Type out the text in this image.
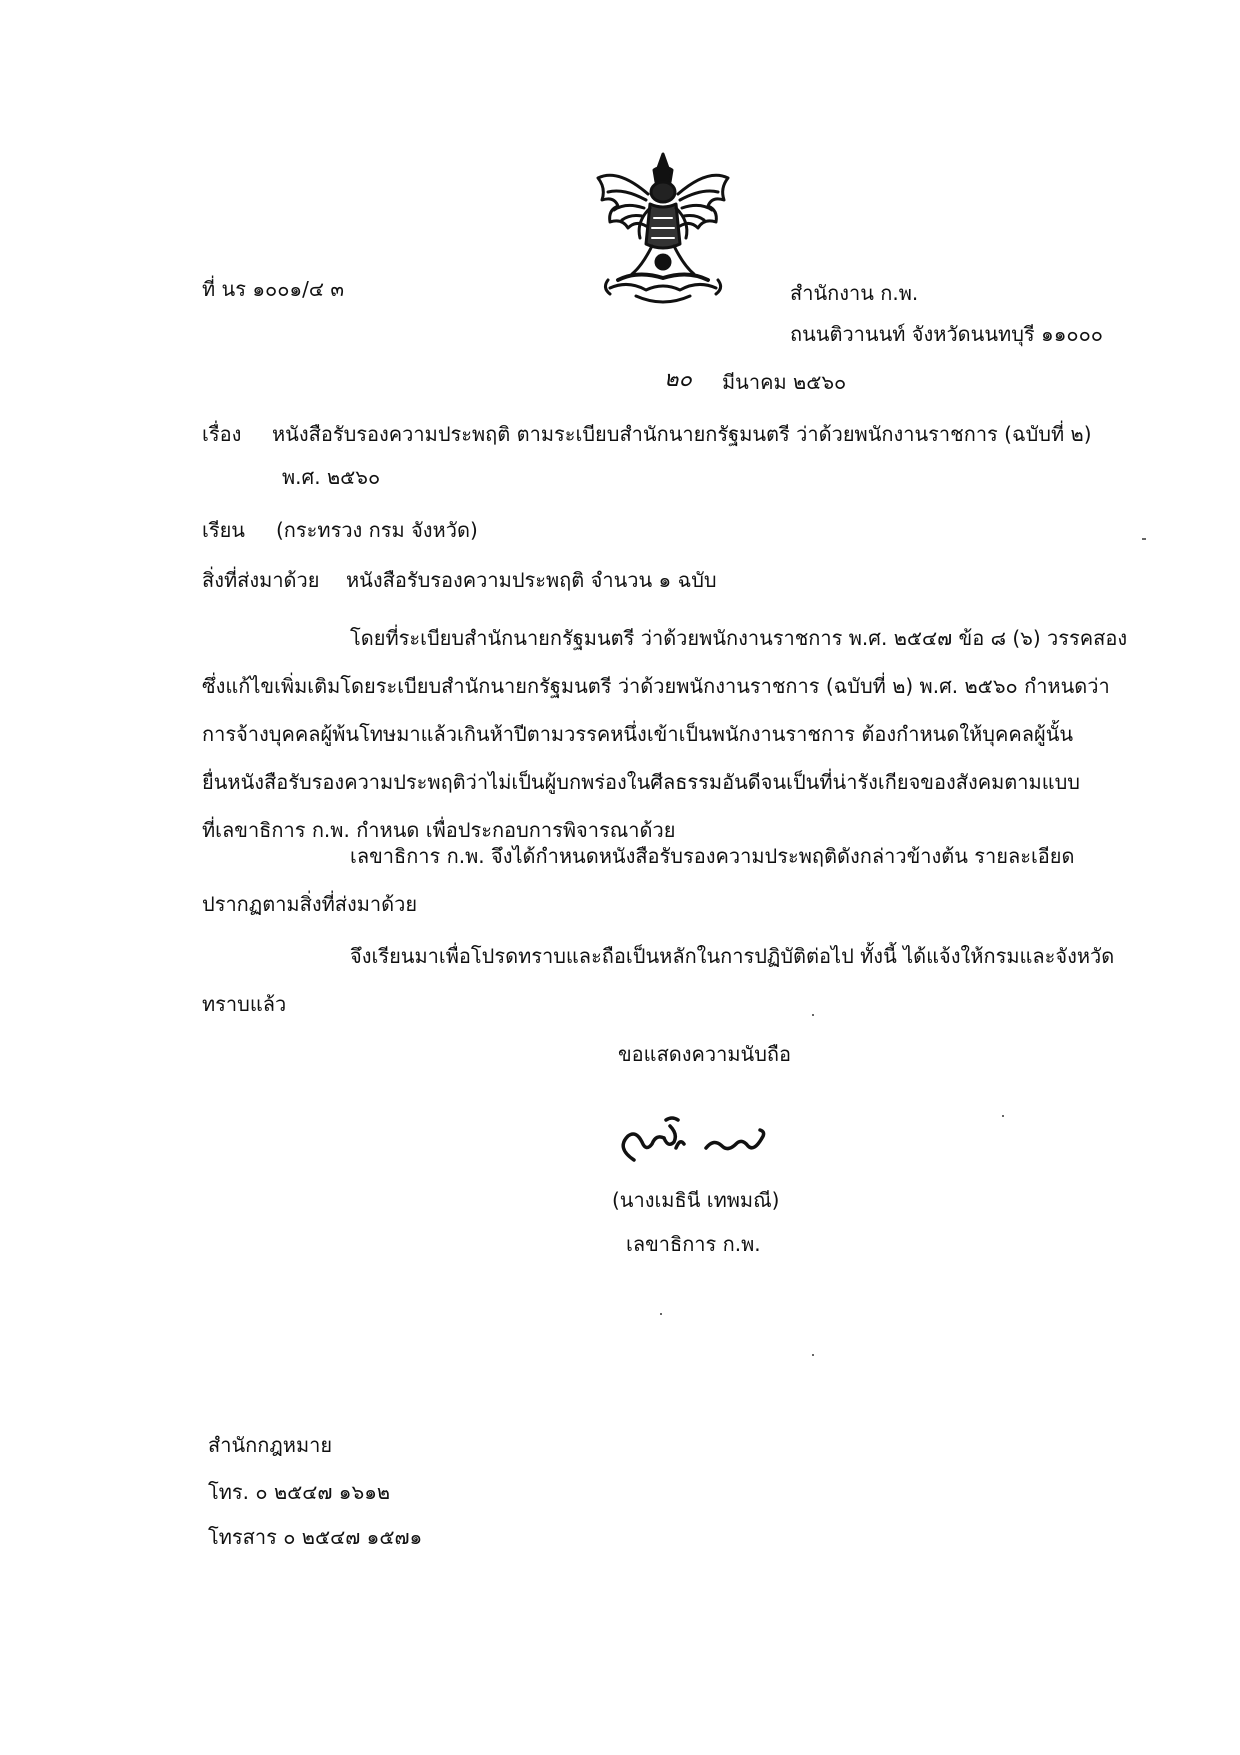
ที่ นร ๑๐๐๑/๔ ๓	สำนักงาน ก.พ.
ถนนติวานนท์ จังหวัดนนทบุรี ๑๑๐๐๐
๒๐ มีนาคม ๒๕๖๐
เรื่อง หนังสือรับรองความประพฤติ ตามระเบียบสำนักนายกรัฐมนตรี ว่าด้วยพนักงานราชการ (ฉบับที่ ๒)
พ.ศ. ๒๕๖๐
เรียน (กระทรวง กรม จังหวัด)
สิ่งที่ส่งมาด้วย หนังสือรับรองความประพฤติ จำนวน ๑ ฉบับ
โดยที่ระเบียบสำนักนายกรัฐมนตรี ว่าด้วยพนักงานราชการ พ.ศ. ๒๕๔๗ ข้อ ๘ (๖) วรรคสอง
ซึ่งแก้ไขเพิ่มเติมโดยระเบียบสำนักนายกรัฐมนตรี ว่าด้วยพนักงานราชการ (ฉบับที่ ๒) พ.ศ. ๒๕๖๐ กำหนดว่า
การจ้างบุคคลผู้พ้นโทษมาแล้วเกินห้าปีตามวรรคหนึ่งเข้าเป็นพนักงานราชการ ต้องกำหนดให้บุคคลผู้นั้น
ยื่นหนังสือรับรองความประพฤติว่าไม่เป็นผู้บกพร่องในศีลธรรมอันดีจนเป็นที่น่ารังเกียจของสังคมตามแบบ
ที่เลขาธิการ ก.พ. กำหนด เพื่อประกอบการพิจารณาด้วย
เลขาธิการ ก.พ. จึงได้กำหนดหนังสือรับรองความประพฤติดังกล่าวข้างต้น รายละเอียด
ปรากฏตามสิ่งที่ส่งมาด้วย
จึงเรียนมาเพื่อโปรดทราบและถือเป็นหลักในการปฏิบัติต่อไป ทั้งนี้ ได้แจ้งให้กรมและจังหวัด
ทราบแล้ว
ขอแสดงความนับถือ
(นางเมธินี เทพมณี)
เลขาธิการ ก.พ.
สำนักกฎหมาย
โทร. ๐ ๒๕๔๗ ๑๖๑๒
โทรสาร ๐ ๒๕๔๗ ๑๕๗๑
